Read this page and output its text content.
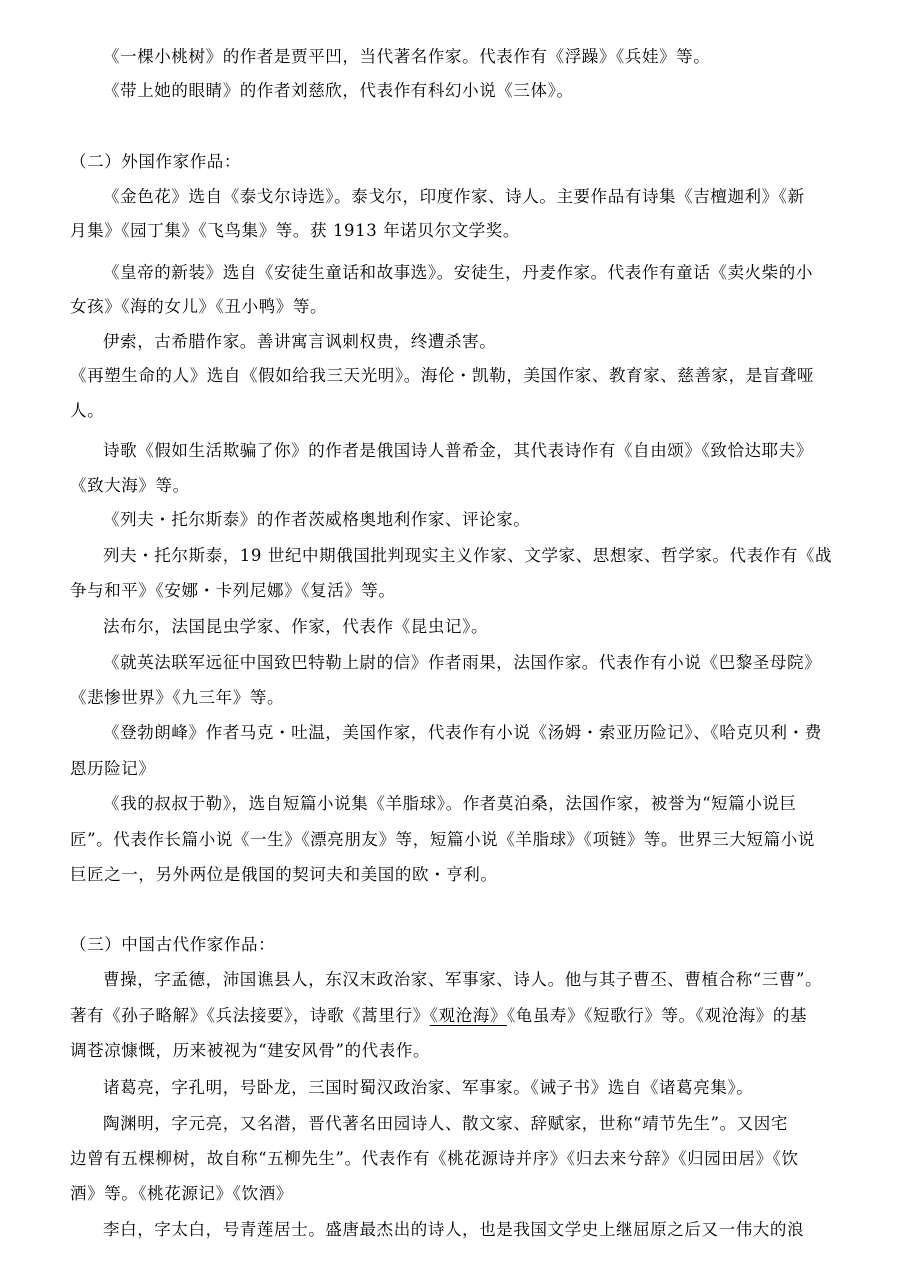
《一棵小桃树》的作者是贾平凹，当代著名作家。代表作有《浮躁》《兵娃》等。
《带上她的眼睛》的作者刘慈欣，代表作有科幻小说《三体》。
（二）外国作家作品：
《金色花》选自《泰戈尔诗选》。泰戈尔，印度作家、诗人。主要作品有诗集《吉檀迦利》《新
月集》《园丁集》《飞鸟集》等。获 1913 年诺贝尔文学奖。
《皇帝的新装》选自《安徒生童话和故事选》。安徒生，丹麦作家。代表作有童话《卖火柴的小
女孩》《海的女儿》《丑小鸭》等。
伊索，古希腊作家。善讲寓言讽刺权贵，终遭杀害。
《再塑生命的人》选自《假如给我三天光明》。海伦・凯勒，美国作家、教育家、慈善家，是盲聋哑
人。
诗歌《假如生活欺骗了你》的作者是俄国诗人普希金，其代表诗作有《自由颂》《致恰达耶夫》
《致大海》等。
《列夫・托尔斯泰》的作者茨威格奥地利作家、评论家。
列夫・托尔斯泰，19 世纪中期俄国批判现实主义作家、文学家、思想家、哲学家。代表作有《战
争与和平》《安娜・卡列尼娜》《复活》等。
法布尔，法国昆虫学家、作家，代表作《昆虫记》。
《就英法联军远征中国致巴特勒上尉的信》作者雨果，法国作家。代表作有小说《巴黎圣母院》
《悲惨世界》《九三年》等。
《登勃朗峰》作者马克・吐温，美国作家，代表作有小说《汤姆・索亚历险记》、《哈克贝利・费
恩历险记》
《我的叔叔于勒》，选自短篇小说集《羊脂球》。作者莫泊桑，法国作家，被誉为“短篇小说巨
匠”。代表作长篇小说《一生》《漂亮朋友》等，短篇小说《羊脂球》《项链》等。世界三大短篇小说
巨匠之一，另外两位是俄国的契诃夫和美国的欧・亨利。
（三）中国古代作家作品：
曹操，字孟德，沛国谯县人，东汉末政治家、军事家、诗人。他与其子曹丕、曹植合称“三曹”。
著有《孙子略解》《兵法接要》，诗歌《蒿里行》《观沧海》《龟虽寿》《短歌行》等。《观沧海》的基
调苍凉慷慨，历来被视为“建安风骨”的代表作。
诸葛亮，字孔明，号卧龙，三国时蜀汉政治家、军事家。《诫子书》选自《诸葛亮集》。
陶渊明，字元亮，又名潜，晋代著名田园诗人、散文家、辞赋家，世称“靖节先生”。又因宅
边曾有五棵柳树，故自称“五柳先生”。代表作有《桃花源诗并序》《归去来兮辞》《归园田居》《饮
酒》等。《桃花源记》《饮酒》
李白，字太白，号青莲居士。盛唐最杰出的诗人，也是我国文学史上继屈原之后又一伟大的浪
